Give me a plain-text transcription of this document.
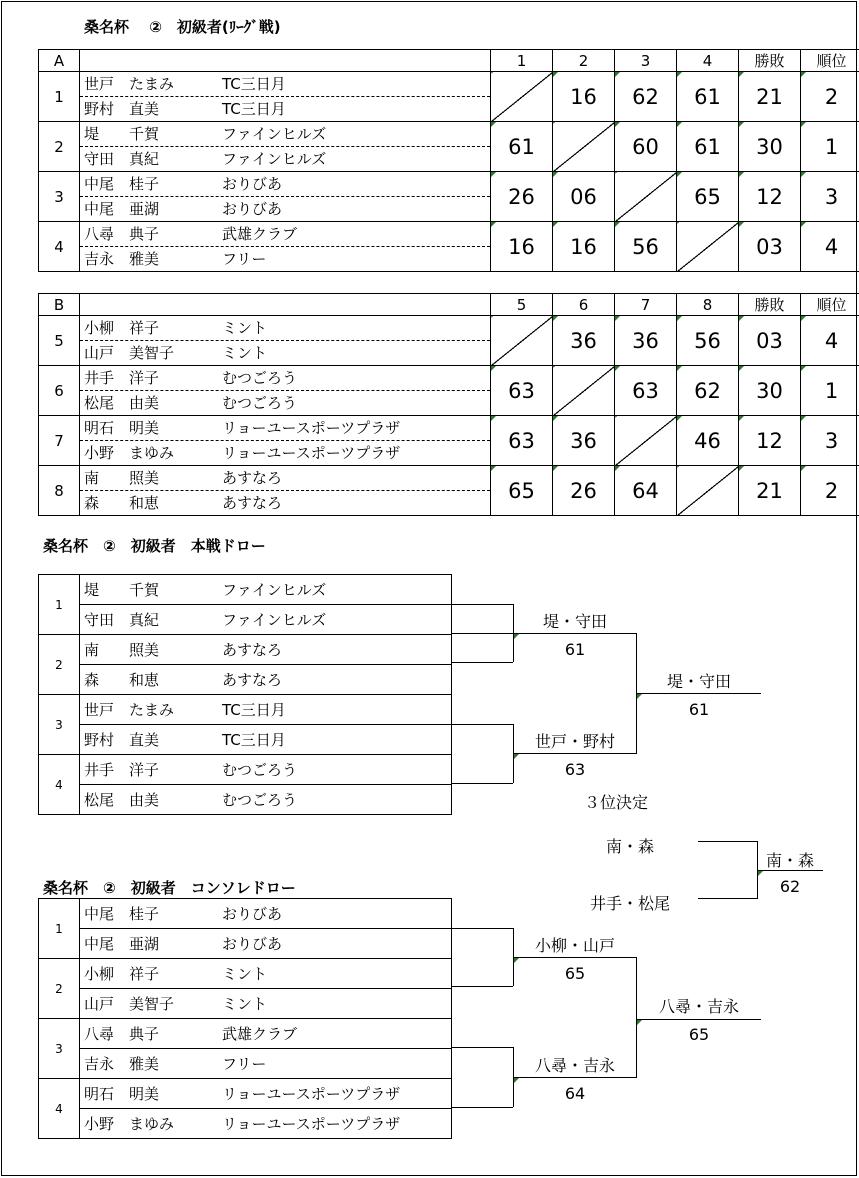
桑名杯　 ②　初級者(ﾘｰｸﾞ戦)
A		1	2	3	4	勝敗	順位
1	世戸　たまみ TC三日月
野村　直美 TC三日月		16	62	61	21	2
2	堤　　千賀 ファインヒルズ
守田　真紀 ファインヒルズ	61		60	61	30	1
3	中尾　桂子 おりびあ
中尾　亜湖 おりびあ	26	06		65	12	3
4	八尋　典子 武雄クラブ
吉永　雅美 フリー	16	16	56		03	4
B		5	6	7	8	勝敗	順位
5	小柳　祥子 ミント
山戸　美智子 ミント		36	36	56	03	4
6	井手　洋子 むつごろう
松尾　由美 むつごろう	63		63	62	30	1
7	明石　明美 リョーユースポーツプラザ
小野　まゆみ リョーユースポーツプラザ	63	36		46	12	3
8	南　　照美 あすなろ
森　　和恵 あすなろ	65	26	64		21	2
桑名杯　②　初級者　本戦ドロー
1	堤　　千賀 ファインヒルズ
	守田　真紀 ファインヒルズ
2	南　　照美 あすなろ
	森　　和恵 あすなろ
3	世戸　たまみ TC三日月
	野村　直美 TC三日月
4	井手　洋子 むつごろう
	松尾　由美 むつごろう
堤・守田
61
世戸・野村
63
堤・守田
61
３位決定
南・森
井手・松尾
南・森
62
桑名杯　②　初級者　コンソレドロー
1	中尾　桂子 おりびあ
	中尾　亜湖 おりびあ
2	小柳　祥子 ミント
	山戸　美智子 ミント
3	八尋　典子 武雄クラブ
	吉永　雅美 フリー
4	明石　明美 リョーユースポーツプラザ
	小野　まゆみ リョーユースポーツプラザ
小柳・山戸
65
八尋・吉永
64
八尋・吉永
65
